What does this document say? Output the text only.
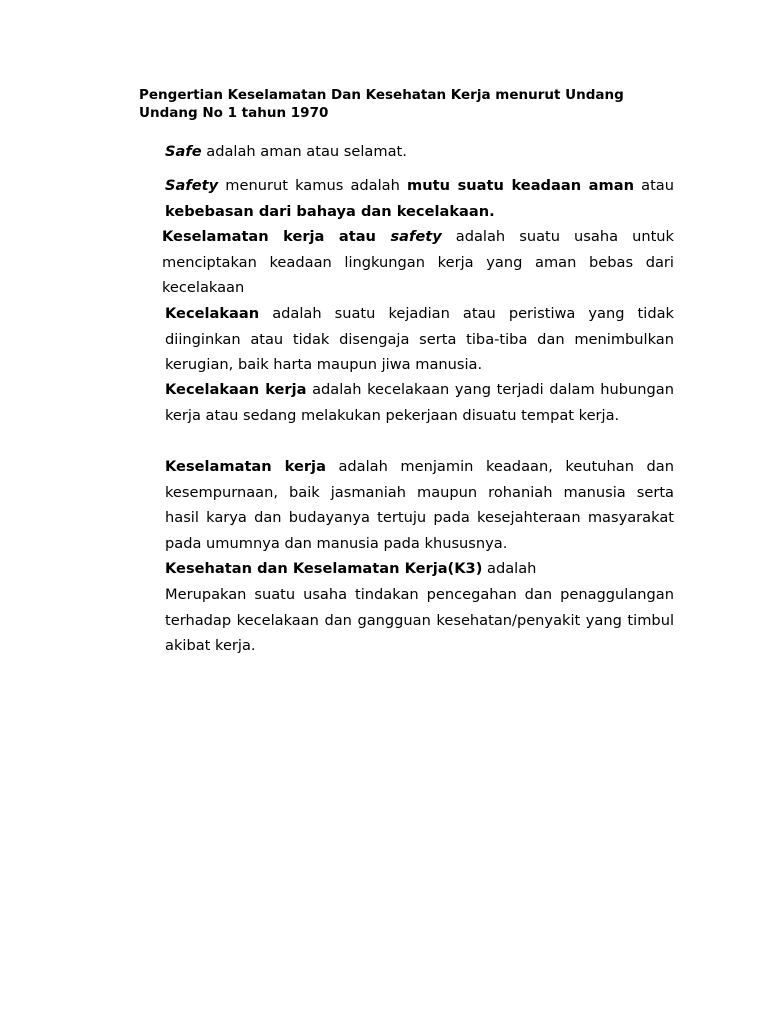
Pengertian Keselamatan Dan Kesehatan Kerja menurut Undang Undang No 1 tahun 1970

Safe adalah aman atau selamat.

Safety menurut kamus adalah mutu suatu keadaan aman atau kebebasan dari bahaya dan kecelakaan.

Keselamatan kerja atau safety adalah suatu usaha untuk menciptakan keadaan lingkungan kerja yang aman bebas dari kecelakaan

Kecelakaan adalah suatu kejadian atau peristiwa yang tidak diinginkan atau tidak disengaja serta tiba-tiba dan menimbulkan kerugian, baik harta maupun jiwa manusia.

Kecelakaan kerja adalah kecelakaan yang terjadi dalam hubungan kerja atau sedang melakukan pekerjaan disuatu tempat kerja.

Keselamatan kerja adalah menjamin keadaan, keutuhan dan kesempurnaan, baik jasmaniah maupun rohaniah manusia serta hasil karya dan budayanya tertuju pada kesejahteraan masyarakat pada umumnya dan manusia pada khususnya.

Kesehatan dan Keselamatan Kerja(K3) adalah

Merupakan suatu usaha tindakan pencegahan dan penaggulangan terhadap kecelakaan dan gangguan kesehatan/penyakit yang timbul akibat kerja.
